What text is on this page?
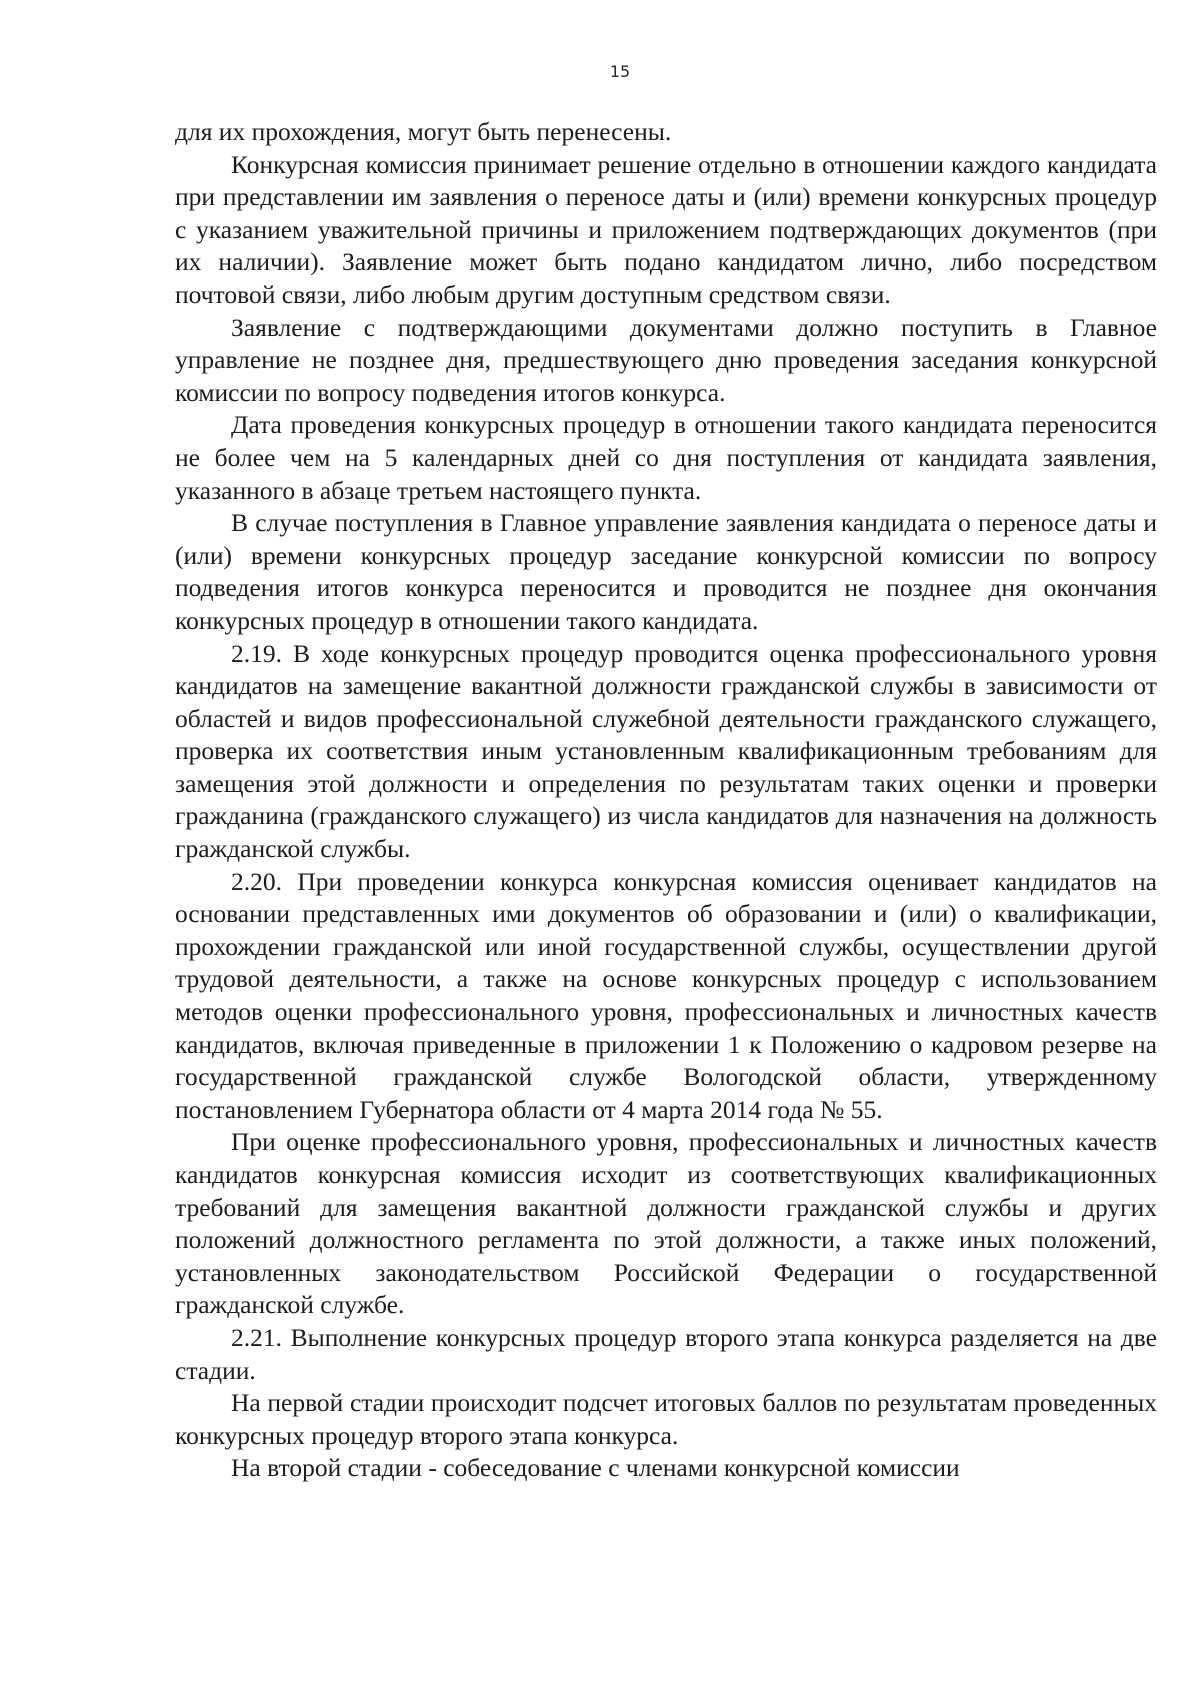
15

для их прохождения, могут быть перенесены.

Конкурсная комиссия принимает решение отдельно в отношении каждого кандидата при представлении им заявления о переносе даты и (или) времени конкурсных процедур с указанием уважительной причины и приложением подтверждающих документов (при их наличии). Заявление может быть подано кандидатом лично, либо посредством почтовой связи, либо любым другим доступным средством связи.

Заявление с подтверждающими документами должно поступить в Главное управление не позднее дня, предшествующего дню проведения заседания конкурсной комиссии по вопросу подведения итогов конкурса.

Дата проведения конкурсных процедур в отношении такого кандидата переносится не более чем на 5 календарных дней со дня поступления от кандидата заявления, указанного в абзаце третьем настоящего пункта.

В случае поступления в Главное управление заявления кандидата о переносе даты и (или) времени конкурсных процедур заседание конкурсной комиссии по вопросу подведения итогов конкурса переносится и проводится не позднее дня окончания конкурсных процедур в отношении такого кандидата.

2.19. В ходе конкурсных процедур проводится оценка профессионального уровня кандидатов на замещение вакантной должности гражданской службы в зависимости от областей и видов профессиональной служебной деятельности гражданского служащего, проверка их соответствия иным установленным квалификационным требованиям для замещения этой должности и определения по результатам таких оценки и проверки гражданина (гражданского служащего) из числа кандидатов для назначения на должность гражданской службы.

2.20. При проведении конкурса конкурсная комиссия оценивает кандидатов на основании представленных ими документов об образовании и (или) о квалификации, прохождении гражданской или иной государственной службы, осуществлении другой трудовой деятельности, а также на основе конкурсных процедур с использованием методов оценки профессионального уровня, профессиональных и личностных качеств кандидатов, включая приведенные в приложении 1 к Положению о кадровом резерве на государственной гражданской службе Вологодской области, утвержденному постановлением Губернатора области от 4 марта 2014 года № 55.

При оценке профессионального уровня, профессиональных и личностных качеств кандидатов конкурсная комиссия исходит из соответствующих квалификационных требований для замещения вакантной должности гражданской службы и других положений должностного регламента по этой должности, а также иных положений, установленных законодательством Российской Федерации о государственной гражданской службе.

2.21. Выполнение конкурсных процедур второго этапа конкурса разделяется на две стадии.

На первой стадии происходит подсчет итоговых баллов по результатам проведенных конкурсных процедур второго этапа конкурса.

На второй стадии - собеседование с членами конкурсной комиссии
